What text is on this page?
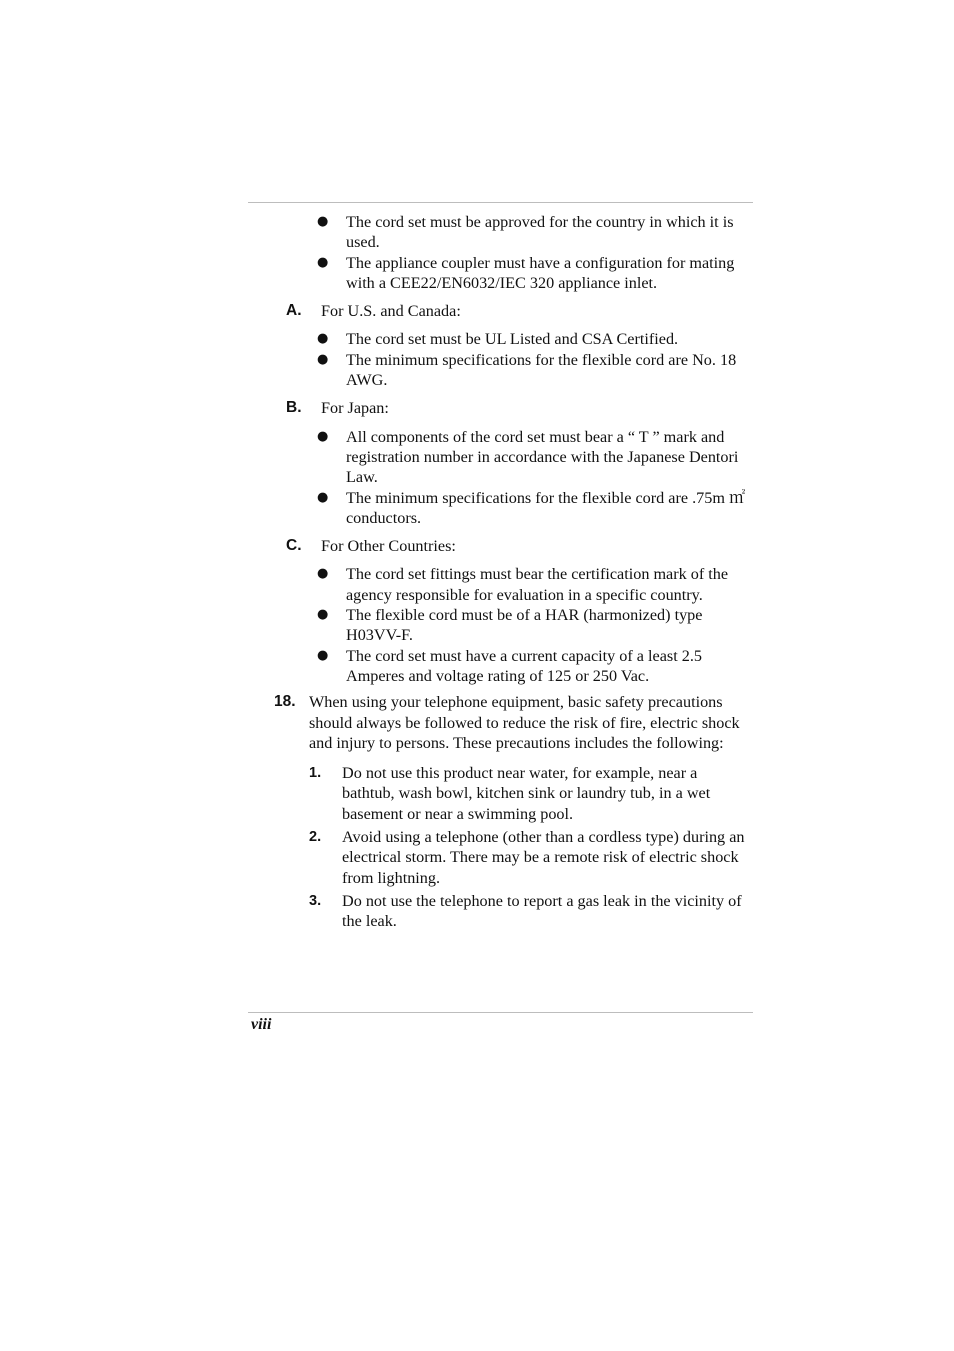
● The cord set must be approved for the country in which it is used.
● The appliance coupler must have a configuration for mating with a CEE22/EN6032/IEC 320 appliance inlet.
A. For U.S. and Canada:
● The cord set must be UL Listed and CSA Certified.
● The minimum specifications for the flexible cord are No. 18 AWG.
B. For Japan:
● All components of the cord set must bear a “ T ” mark and registration number in accordance with the Japanese Dentori Law.
● The minimum specifications for the flexible cord are .75m ㎡ conductors.
C. For Other Countries:
● The cord set fittings must bear the certification mark of the agency responsible for evaluation in a specific country.
● The flexible cord must be of a HAR (harmonized) type H03VV-F.
● The cord set must have a current capacity of a least 2.5 Amperes and voltage rating of 125 or 250 Vac.
18. When using your telephone equipment, basic safety precautions should always be followed to reduce the risk of fire, electric shock and injury to persons. These precautions includes the following:
1. Do not use this product near water, for example, near a bathtub, wash bowl, kitchen sink or laundry tub, in a wet basement or near a swimming pool.
2. Avoid using a telephone (other than a cordless type) during an electrical storm. There may be a remote risk of electric shock from lightning.
3. Do not use the telephone to report a gas leak in the vicinity of the leak.
viii
